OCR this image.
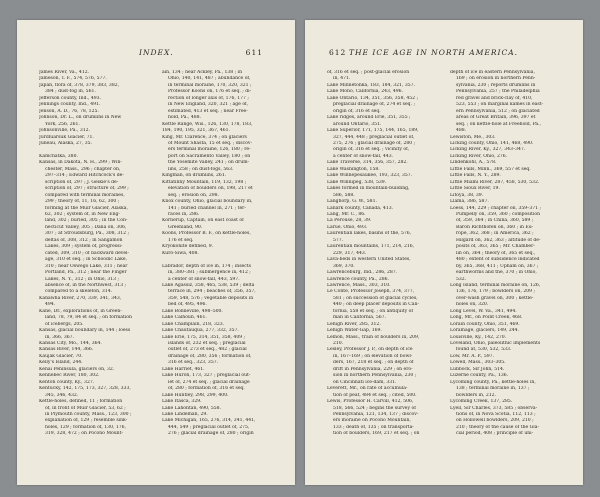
INDEX.	611
James River, Va., 412.
Jameson, T. F., 574, 576, 577.
Japan, flora of, 378, 379, 383, 382,
384 ; dust-fog in, 561.
Jefferson county, Ind., 493.
Jennings county, Ind., 491.
Jenson, A. D., 76, 78, 125.
Johnson, Dr. L., on drumlins in New
York, 256, 261.
Johnsonville, Pa., 312.
Jürdlüarsuk Glacier, 71.
Juneau, Alaska, 27, 35.

Kamchatka, 380.
Kansas, in Dakota, N. H., 299 ; Win-
chester, Mass., 296 ; chapter on,
297–314 ; Edward Hitchcock's de-
scription of, 297 ; J. Geikie's de-
scription of, 297 ; structure of, 299 ;
compared with terminal moraines,
299 ; theory of, 11, 16, 62, 300 ;
forming at the Muir Glacier, Alaska,
62, 302 ; system of, in New Eng-
land, 302 ; buried, 305 ; in the Con-
necticut Valley, 305 ; Dana on, 306,
307 ; at Stroudsburg, Pa., 308, 312 ;
deltas of, 308, 312 ; in Sangamon
Lakes, 309 ; system of, progressi-
cated, 309, 310 ; of backward devel-
age, 310 et seq. ; in Schoodic Lake,
310 ; near Oswego Lake, 311 ; near
Portland, Pa., 312 ; near the Finger
Lakes, N. Y., 312 ; in Ohio, 313 ;
absence of, in the Northwest, 313 ;
compared to a skeleton, 314.
Kanawha River, 270, 339, 341, 343,
494.
Kane, Dr., explorations of, in Green-
land, 78, 79, 84 et seq. ; on formation
of icebergs, 205.
Kansas, glacial boundary in, 144 ; loess
in, 366, 367.
Kansas City, Mo., 144, 364.
Kansas River, 144, 366.
Kaujak Glacier, 70.
Kelly's Island, 244.
Kenai Peninsula, glaciers on, 32.
Kennebec River, 180, 302.
Kenton county, Ky., 327.
Kentucky, 142, 175, 173, 327, 328, 333,
345, 346, 432.
Kettle-holes, defined, 11 ; formation
of, in front of Muir Glacier, 53, 62 ;
in Plymouth county, Mass., 123, 300 ;
explanation of, 129 ; resemble sink-
holes, 129 ; formation of, 130, 176,
319, 328, 472 ; on Pocono Mount-
ain, 134 ; near Ackley, Pa., 138 ; in
Ohio, 140, 141, 487 ; abundance of,
in terminal moraine, 170, 320, 321 ;
Professor Koons on, 176 et seq. ; di-
rection of longer axis of, 176, 177 ;
in New England, 320, 321 ; age of,
estimated, 413 et seq. ; near Free-
hold, Pa., 488.
Kettle Range, Wis., 126, 130, 178, 183,
184, 190, 195, 321, 367, 461.
King, Mr. Clarence, 374 ; on glaciers
of Mount Shasta, 15 et seq. ; discov-
ers terminal moraine, 126, 180 ; re-
port on Sacramento Valley, 180 ; on
the Yosemite Valley, 241 ; on drum-
lins, 258 ; on dust-fogs, 563.
Kingman, on drumlins, 261.
Kittatinny Mountain, 119, 132, 198 ;
elevation of boulders on, 198, 217 et
seq. ; erosion on, 298.
Knox county, Ohio, glacial boundary in,
141 ; buried channel in, 271 ; ter-
races in, 286.
Kornerup, Captain, on east coast of
Greenland, 90.
Koons, Professor B. F., on kettle-holes,
176 et seq.
Kryokonite defined, 9.
Kuro-Siwa, 408.

Labrador, depth of ice in, 174 ; insects
in, 380–381 ; submergence in, 412 ;
a center of snow-fall, 443, 597.
Lake Agassiz, 358, 465, 538, 539 ; delta
terrace in, 294 ; beaches of, 356, 357,
359, 548, 576 ; vegetable deposits in
bed of, 495, 496.
Lake Bonneville, 498–500.
Lake Calhoun, 461.
Lake Champlain, 218, 323.
Lake Chautauqua, 277, 332, 357.
Lake Erie, 175, 314, 351, 358, 409 ;
islands of, 232 et seq. ; preglacial
outlet of, 273 et seq., 482 ; glacial
drainage of, 280, 356 ; formation of,
316 et seq., 323, 357.
Lake Harriet, 461.
Lake Huron, 173, 327 ; preglacial out-
let of, 274 et seq. ; glacial drainage
of, 280 ; formation of, 316 et seq.
Lake Huntley, 298, 299, 400.
Lake Itasca, 329.
Lake Lahontan, 490, 558.
Lake Lindeman, 29.
Lake Michigan, 165, 276, 314, 341, 441,
444, 549 ; preglacial outlet of, 275,
276 ; glacial drainage of, 280 ; origin
612 THE ICE AGE IN NORTH AMERICA.
of, 316 et seq. ; post-glacial erosion
in, 471.
Lake Minnetonka, 183, 184, 321, 357.
Lake Mono, California, 243, 496.
Lake Ontario, 134, 351, 356, 358, 452 ;
preglacial drainage of, 274 et seq. ;
origin of, 316 et seq.
Lake ridges, around Erie, 351, 355 ;
around Ontario, 351.
Lake Superior, 171, 175, 144, 165, 189,
327, 444, 448 ; preglacial outlet of,
275, 276 ; glacial drainage of, 280 ;
origin of, 316 et seq. ; vicinity of,
a center of snow-fall, 443.
Lake Traverse, 314, 356, 357, 282.
Lake Washington, 158.
Lake Winnepesaukee, 193, 323, 357.
Lake Winnipeg, 538, 539.
Lakes formed in mountain-building,
586, 588.
Langhorp, G. W., 581.
Lanark county, Canada, 413.
Lang, Mr. C., 86.
La Pérouse, 28, 39.
Larue, Ohio, 493.
Laurentian lakes, basins of the, 576,
577.
Laurentian mountains, 171, 214, 216,
229, 317, 443.
Lava-beds in western United States,
369, 370.
Lawrenceburg, Ind., 286, 287.
Lawrence county, Pa., 286.
Lawrence, Mass., 303, 310.
Le Conte, Professor Joseph, 374, 377,
581 ; on succession of glacial cycles,
440 ; on deep placer deposits in Cali-
fornia, 558 et seq. ; on antiquity of
man in California, 567.
Lehigh River, 285, 312.
Lehigh Water-Gap, 169.
Lemon, Mass., train of boulders in, 209,
210.
Lesley, Professor J. P., on depth of ice
in, 167–169 ; on elevation of bowl-
ders, 167, 218 et seq. ; on depth of
drift in Pennsylvania, 229 ; on ero-
sion in northern Pennsylvania, 230 ;
on Cincinnati ice-dam, 331.
Leverett, Mr., on rate of accumula-
tion of peat, 484 et seq. ; cited, 500.
Lewis, Professor H. Carvill, 412, 506,
518, 566, 524 ; begins the survey of
Pennsylvania, 121, 134, 137 ; discov-
ers moraine on Pocono Mountain,
133 ; death of, 135 ; on transporta-
tion of boulders, 169, 217 et seq. ; on
depth of ice in eastern Pennsylvania,
169 ; on erosion in northern Penn-
sylvania, 230 ; reports drumlins in
Pennsylvania, 257 ; the Philadelphia
red gravel and brick-clay of, 410,
523, 553 ; on marginal kames in east-
ern Pennsylvania, 512 ; on glaciated
areas of Great Britain, 396, 397 et
seq. ; on kettle-hole at Freehold, Pa.,
488.
Lewiston, Me., 303.
Licking county, Ohio, 141, 468, 490.
Licking River, Ky., 327, 343–347.
Licking River, Ohio, 276.
Lindenkohl, A., 578.
Little Falls, Minn., 369, 557 et seq.
Little Falls, N. Y., 289.
Little Miami River, 287, 458, 530, 532.
Little Sioux River, 19.
Litoya, 38, 39.
Llama, 386, 587.
Loess, 144, 229 ; chapter on, 359–371 ;
Pumpelly on, 359, 360 ; composition
of, 359, 364 ; in China, 360, 589 ;
Baron Richthofen on, 360 ; in Eu-
rope, 362, 368 ; in America, 362 ;
Hilgard on, 362, 363 ; altitude of de-
posits of, 363, 365 ; Mr. Chamber-
lin on, 364 ; theory of, 365 et seq.,
480 ; extent of subsidence indicated
by, 365, 368, 411 ; Upham on, 367 ;
earthworms and the, 370 ; in Ohio,
532.
Long Island, terminal moraine on, 126,
136, 176, 179 ; bowlders on, 209 ;
over-wash gravel on, 300 ; kettle-
holes on, 320.
Long Level, W. Va., 341, 494.
Long, Mr., on Point Creek, 468.
Lorain county, Ohio, 351, 469.
Loramage, glaciers, 149, 244.
Louisville, Ky., 142, 270.
Loveland, Ohio, paleolithic implements
found at, 530, 532, 533.
Low, Mr. A. P., 597.
Lowell, Mass., 303–305.
Lubbock, Sir John, 514.
Luzerne county, Pa., 136.
Lycoming county, Pa., kettle-holes in,
138 ; terminal moraine in, 137 ;
bowlders in, 212.
Lycoming Creek, 137, 285.
Lyell, Sir Charles, 373, 585 ; observa-
tions of, in Nova Scotia, 112, 113 ;
on Hollowell bowlders, 209, 210 ;
210 ; theory of the cause of the Gla-
cial period, 408 ; principle of uni-
